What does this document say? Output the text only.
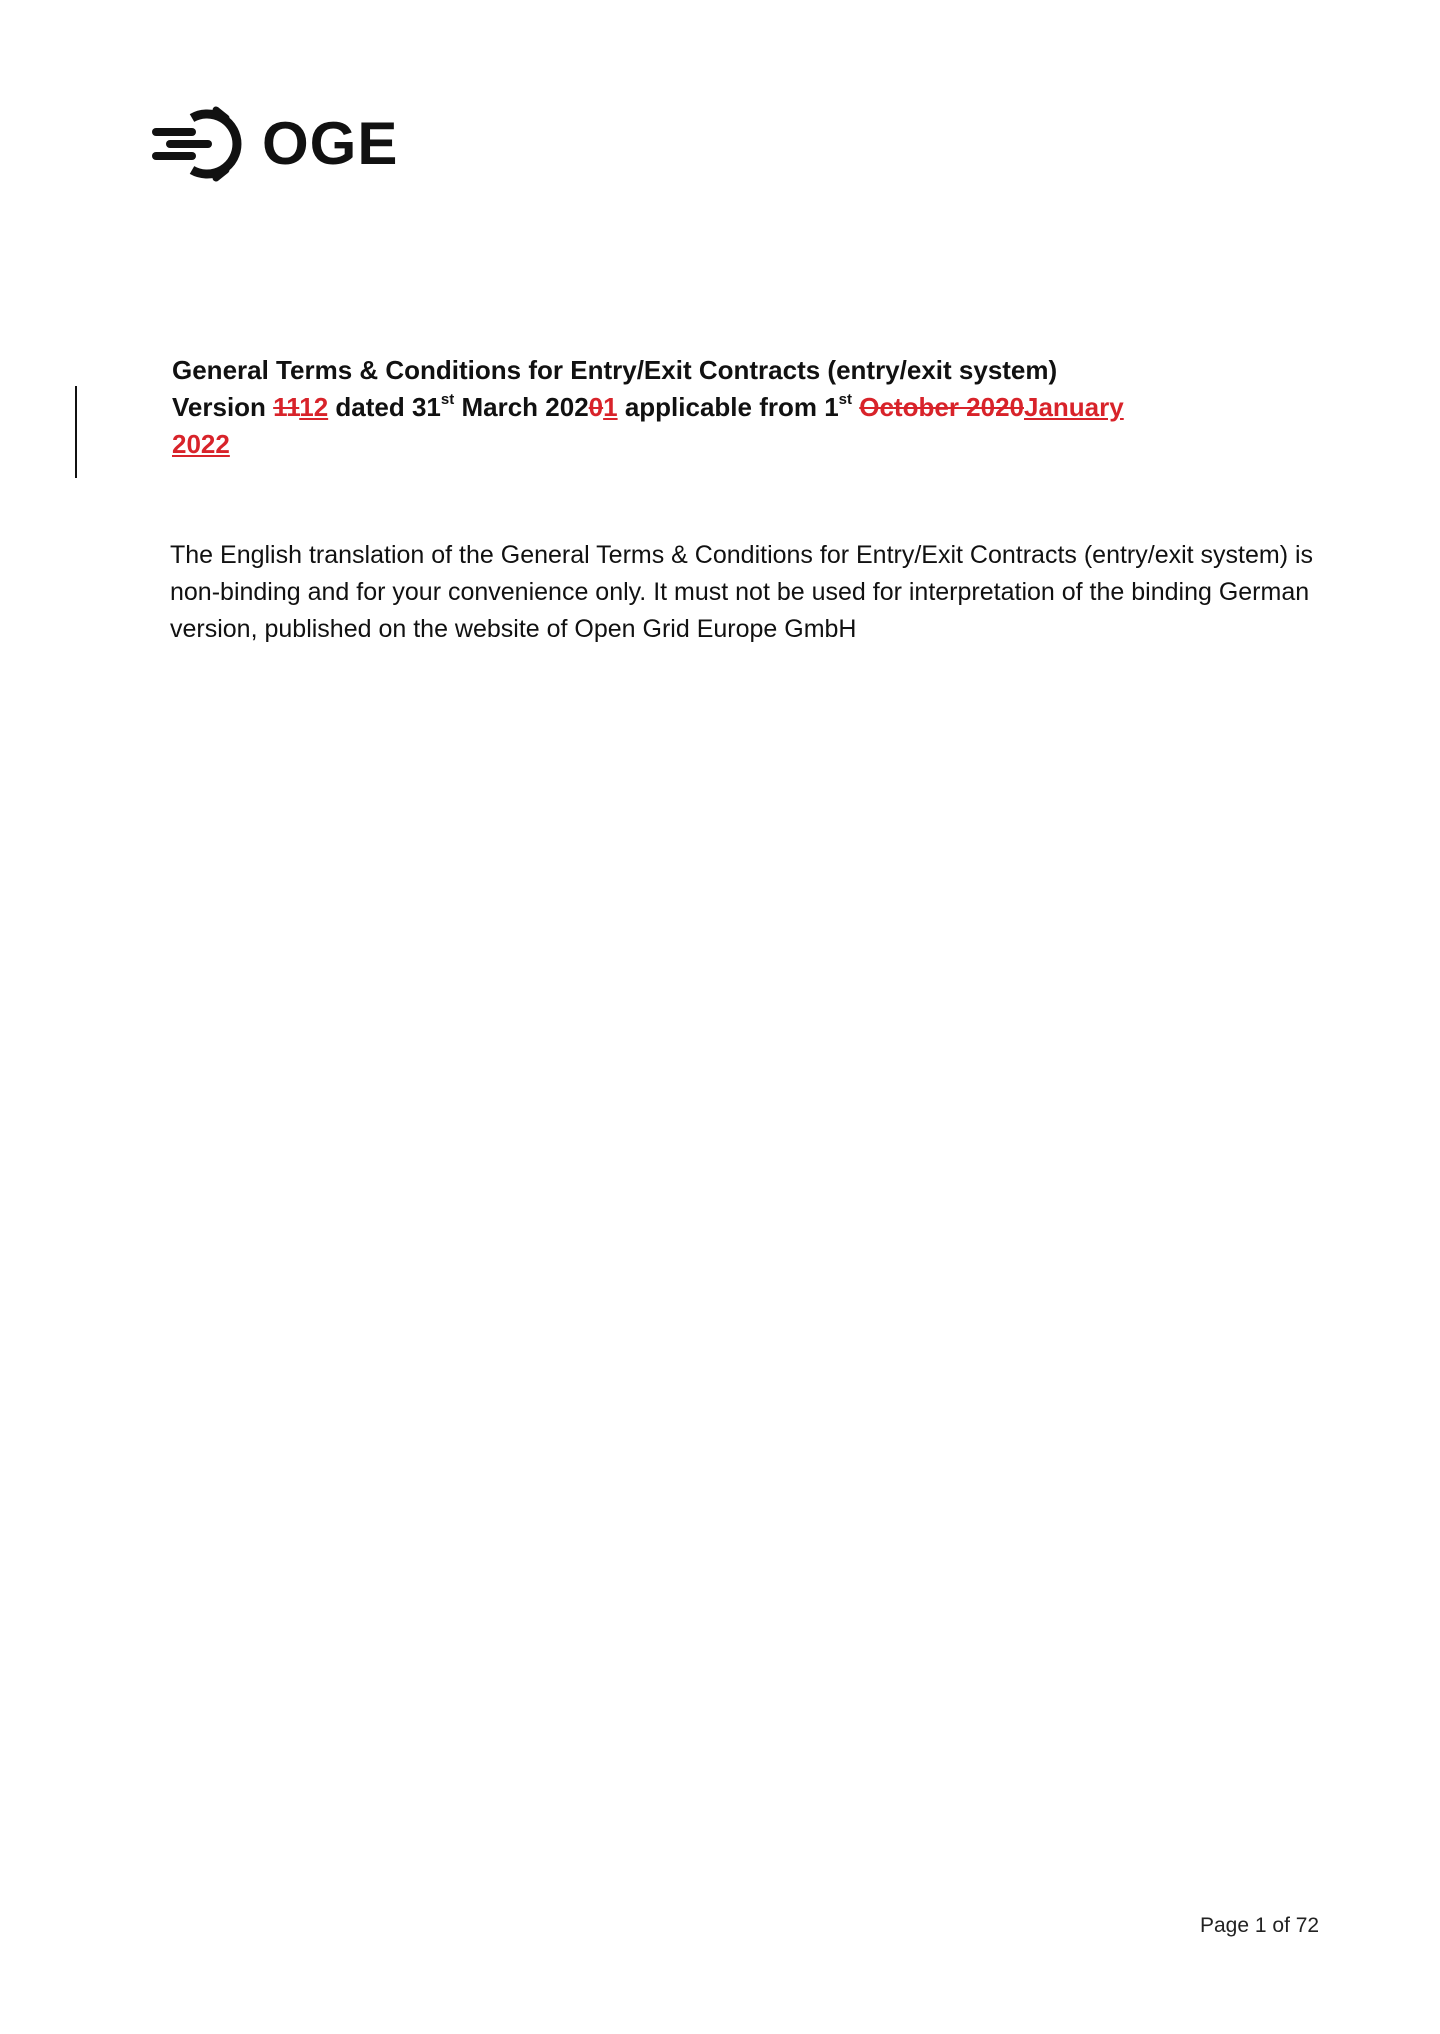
OGE
General Terms & Conditions for Entry/Exit Contracts (entry/exit system)
Version 1112 dated 31st March 20201 applicable from 1st October 2020January
2022
The English translation of the General Terms & Conditions for Entry/Exit Contracts (entry/exit system) is non-binding and for your convenience only. It must not be used for interpretation of the binding German version, published on the website of Open Grid Europe GmbH
Page 1 of 72
